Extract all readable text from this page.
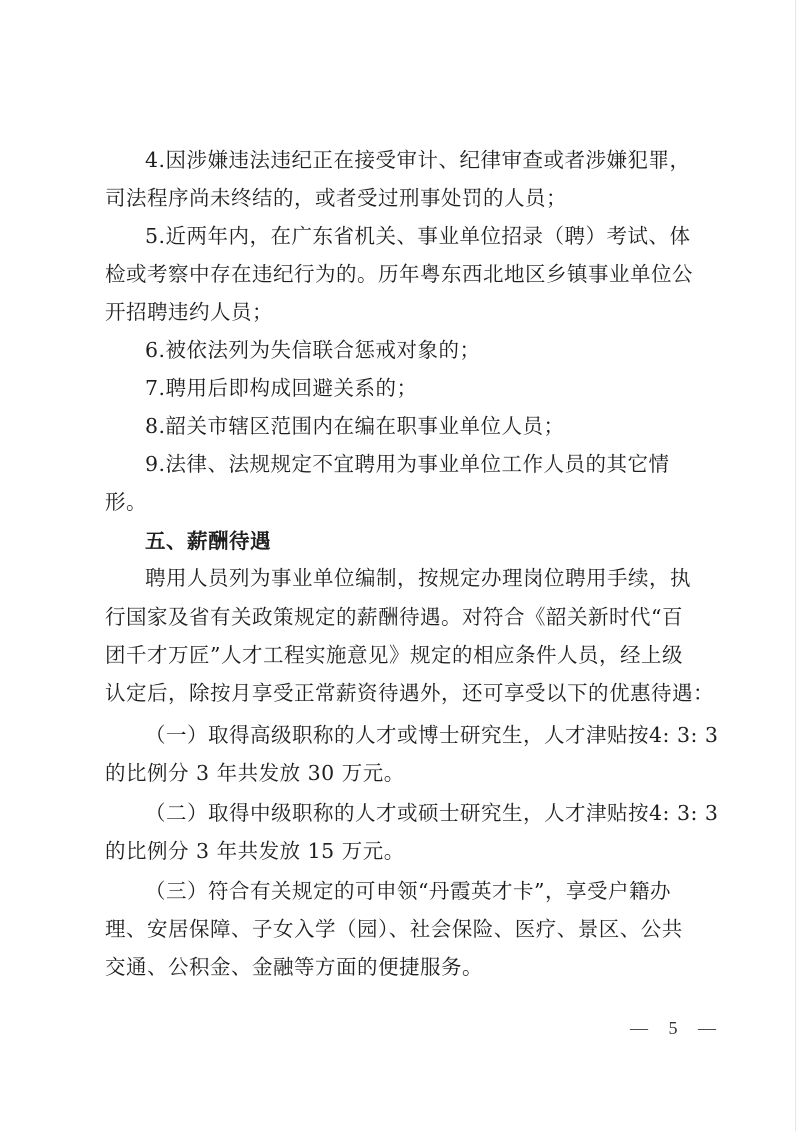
4.因涉嫌违法违纪正在接受审计、纪律审查或者涉嫌犯罪，
司法程序尚未终结的，或者受过刑事处罚的人员；
5.近两年内，在广东省机关、事业单位招录（聘）考试、体
检或考察中存在违纪行为的。历年粤东西北地区乡镇事业单位公
开招聘违约人员；
6.被依法列为失信联合惩戒对象的；
7.聘用后即构成回避关系的；
8.韶关市辖区范围内在编在职事业单位人员；
9.法律、法规规定不宜聘用为事业单位工作人员的其它情
形。
五、薪酬待遇
聘用人员列为事业单位编制，按规定办理岗位聘用手续，执
行国家及省有关政策规定的薪酬待遇。对符合《韶关新时代“百
团千才万匠”人才工程实施意见》规定的相应条件人员，经上级
认定后，除按月享受正常薪资待遇外，还可享受以下的优惠待遇：
（一）取得高级职称的人才或博士研究生，人才津贴按4: 3: 3
的比例分 3 年共发放 30 万元。
（二）取得中级职称的人才或硕士研究生，人才津贴按4: 3: 3
的比例分 3 年共发放 15 万元。
（三）符合有关规定的可申领“丹霞英才卡”，享受户籍办
理、安居保障、子女入学（园）、社会保险、医疗、景区、公共
交通、公积金、金融等方面的便捷服务。
— 5 —
